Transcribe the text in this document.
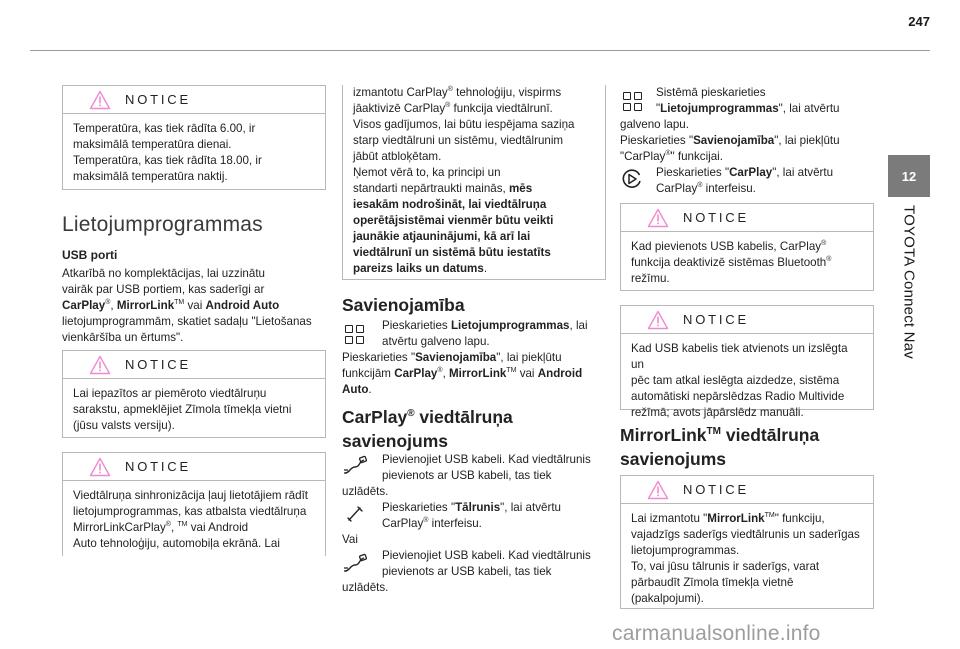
247
12
TOYOTA Connect Nav
NOTICE
Temperatūra, kas tiek rādīta 6.00, ir
maksimālā temperatūra dienai.
Temperatūra, kas tiek rādīta 18.00, ir
maksimālā temperatūra naktij.
Lietojumprogrammas
USB porti
Atkarībā no komplektācijas, lai uzzinātu
vairāk par USB portiem, kas saderīgi ar
CarPlay®, MirrorLink™ vai Android Auto
lietojumprogrammām, skatiet sadaļu "Lietošanas
vienkāršība un ērtums".
NOTICE
Lai iepazītos ar piemēroto viedtālruņu
sarakstu, apmeklējiet Zīmola tīmekļa vietni
(jūsu valsts versiju).
NOTICE
Viedtālruņa sinhronizācija ļauj lietotājiem rādīt
lietojumprogrammas, kas atbalsta viedtālruņa
MirrorLinkCarPlay®, ™ vai Android
Auto tehnoloģiju, automobiļa ekrānā. Lai
izmantotu CarPlay® tehnoloģiju, vispirms
jāaktivizē CarPlay® funkcija viedtālrunī.
Visos gadījumos, lai būtu iespējama saziņa
starp viedtālruni un sistēmu, viedtālrunim
jābūt atbloķētam.
Ņemot vērā to, ka principi un
standarti nepārtraukti mainās, mēs
iesakām nodrošināt, lai viedtālruņa
operētājsistēmai vienmēr būtu veikti
jaunākie atjauninājumi, kā arī lai
viedtālrunī un sistēmā būtu iestatīts
pareizs laiks un datums.
Savienojamība
Pieskarieties Lietojumprogrammas, lai
atvērtu galveno lapu.
Pieskarieties "Savienojamība", lai piekļūtu
funkcijām CarPlay®, MirrorLink™ vai Android
Auto.
CarPlay® viedtālruņa
savienojums
Pievienojiet USB kabeli. Kad viedtālrunis
pievienots ar USB kabeli, tas tiek
uzlādēts.
Pieskarieties "Tālrunis", lai atvērtu
CarPlay® interfeisu.
Vai
Pievienojiet USB kabeli. Kad viedtālrunis
pievienots ar USB kabeli, tas tiek
uzlādēts.
Sistēmā pieskarieties
"Lietojumprogrammas", lai atvērtu
galveno lapu.
Pieskarieties "Savienojamība", lai piekļūtu
"CarPlay®" funkcijai.
Pieskarieties "CarPlay", lai atvērtu
CarPlay® interfeisu.
NOTICE
Kad pievienots USB kabelis, CarPlay®
funkcija deaktivizē sistēmas Bluetooth®
režīmu.
NOTICE
Kad USB kabelis tiek atvienots un izslēgta un
pēc tam atkal ieslēgta aizdedze, sistēma
automātiski nepārslēdzas Radio Multivide
režīmā; avots jāpārslēdz manuāli.
MirrorLink™ viedtālruņa
savienojums
NOTICE
Lai izmantotu "MirrorLink™" funkciju,
vajadzīgs saderīgs viedtālrunis un saderīgas
lietojumprogrammas.
To, vai jūsu tālrunis ir saderīgs, varat
pārbaudīt Zīmola tīmekļa vietnē
(pakalpojumi).
carmanualsonline.info
